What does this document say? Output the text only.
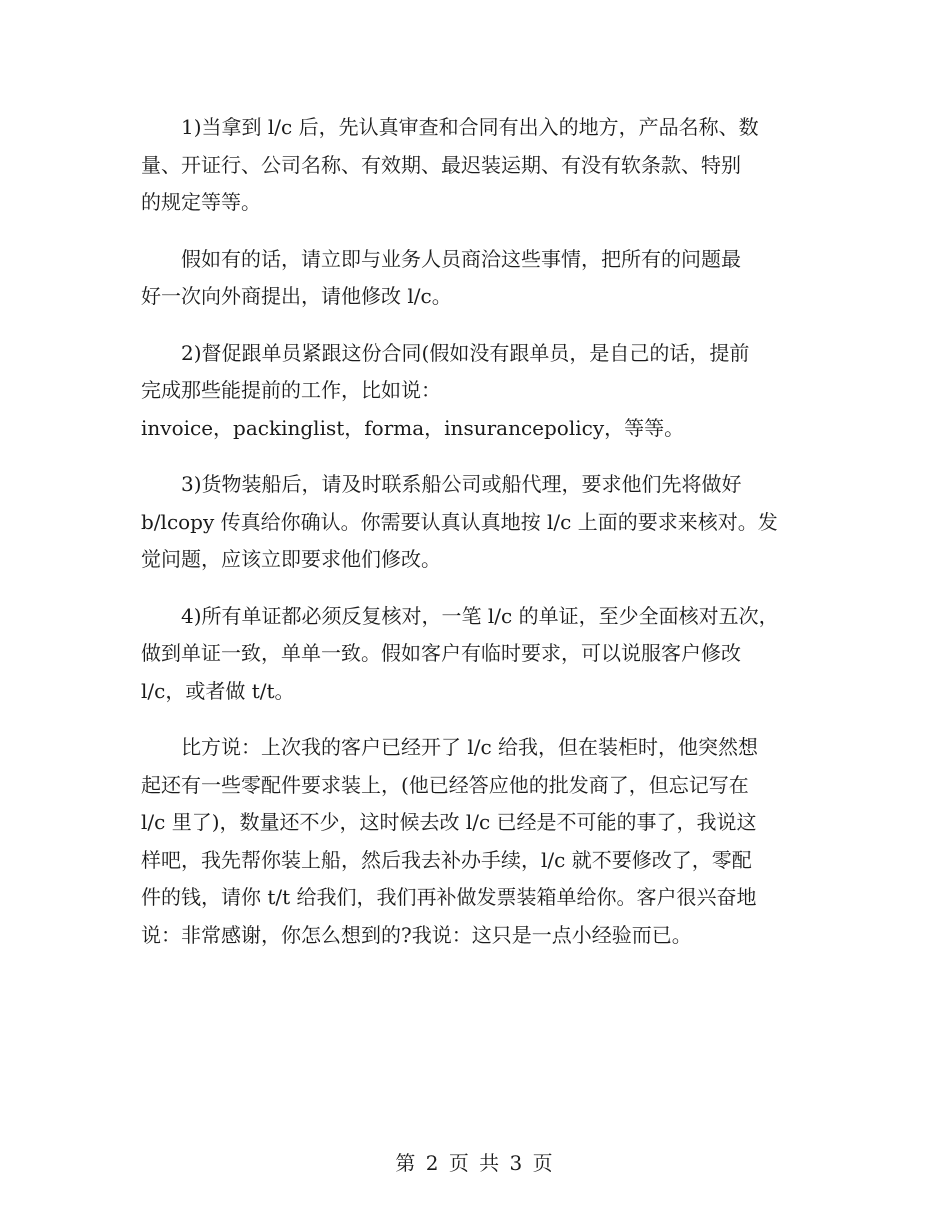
1)当拿到 l/c 后，先认真审查和合同有出入的地方，产品名称、数
量、开证行、公司名称、有效期、最迟装运期、有没有软条款、特别
的规定等等。

假如有的话，请立即与业务人员商洽这些事情，把所有的问题最
好一次向外商提出，请他修改 l/c。

2)督促跟单员紧跟这份合同(假如没有跟单员，是自己的话，提前
完成那些能提前的工作，比如说：
invoice，packinglist，forma，insurancepolicy，等等。

3)货物装船后，请及时联系船公司或船代理，要求他们先将做好
b/lcopy 传真给你确认。你需要认真认真地按 l/c 上面的要求来核对。发
觉问题，应该立即要求他们修改。

4)所有单证都必须反复核对，一笔 l/c 的单证，至少全面核对五次，
做到单证一致，单单一致。假如客户有临时要求，可以说服客户修改
l/c，或者做 t/t。

比方说：上次我的客户已经开了 l/c 给我，但在装柜时，他突然想
起还有一些零配件要求装上，(他已经答应他的批发商了，但忘记写在
l/c 里了)，数量还不少，这时候去改 l/c 已经是不可能的事了，我说这
样吧，我先帮你装上船，然后我去补办手续，l/c 就不要修改了，零配
件的钱，请你 t/t 给我们，我们再补做发票装箱单给你。客户很兴奋地
说：非常感谢，你怎么想到的?我说：这只是一点小经验而已。

第 2 页 共 3 页
